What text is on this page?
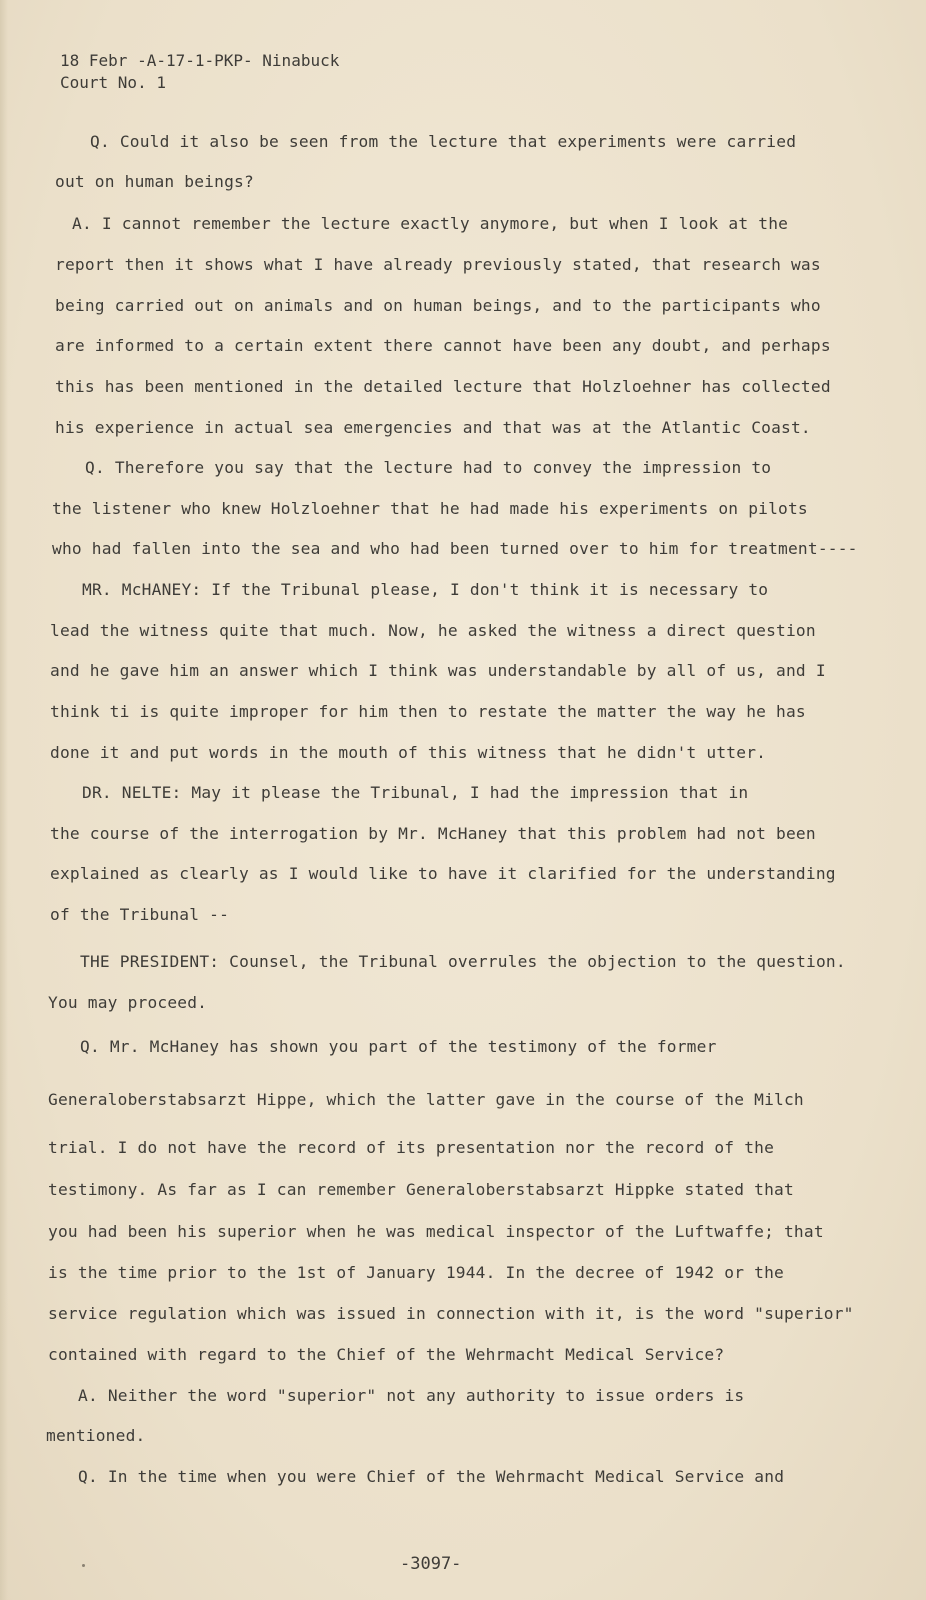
18 Febr -A-17-1-PKP- Ninabuck
Court No. 1
Q. Could it also be seen from the lecture that experiments were carried
out on human beings?
A. I cannot remember the lecture exactly anymore, but when I look at the
report then it shows what I have already previously stated, that research was
being carried out on animals and on human beings, and to the participants who
are informed to a certain extent there cannot have been any doubt, and perhaps
this has been mentioned in the detailed lecture that Holzloehner has collected
his experience in actual sea emergencies and that was at the Atlantic Coast.
Q. Therefore you say that the lecture had to convey the impression to
the listener who knew Holzloehner that he had made his experiments on pilots
who had fallen into the sea and who had been turned over to him for treatment----
MR. McHANEY: If the Tribunal please, I don't think it is necessary to
lead the witness quite that much. Now, he asked the witness a direct question
and he gave him an answer which I think was understandable by all of us, and I
think ti is quite improper for him then to restate the matter the way he has
done it and put words in the mouth of this witness that he didn't utter.
DR. NELTE: May it please the Tribunal, I had the impression that in
the course of the interrogation by Mr. McHaney that this problem had not been
explained as clearly as I would like to have it clarified for the understanding
of the Tribunal --
THE PRESIDENT: Counsel, the Tribunal overrules the objection to the question.
You may proceed.
Q. Mr. McHaney has shown you part of the testimony of the former
Generaloberstabsarzt Hippe, which the latter gave in the course of the Milch
trial. I do not have the record of its presentation nor the record of the
testimony. As far as I can remember Generaloberstabsarzt Hippke stated that
you had been his superior when he was medical inspector of the Luftwaffe; that
is the time prior to the 1st of January 1944. In the decree of 1942 or the
service regulation which was issued in connection with it, is the word "superior"
contained with regard to the Chief of the Wehrmacht Medical Service?
A. Neither the word "superior" not any authority to issue orders is
mentioned.
Q. In the time when you were Chief of the Wehrmacht Medical Service and
-3097-
